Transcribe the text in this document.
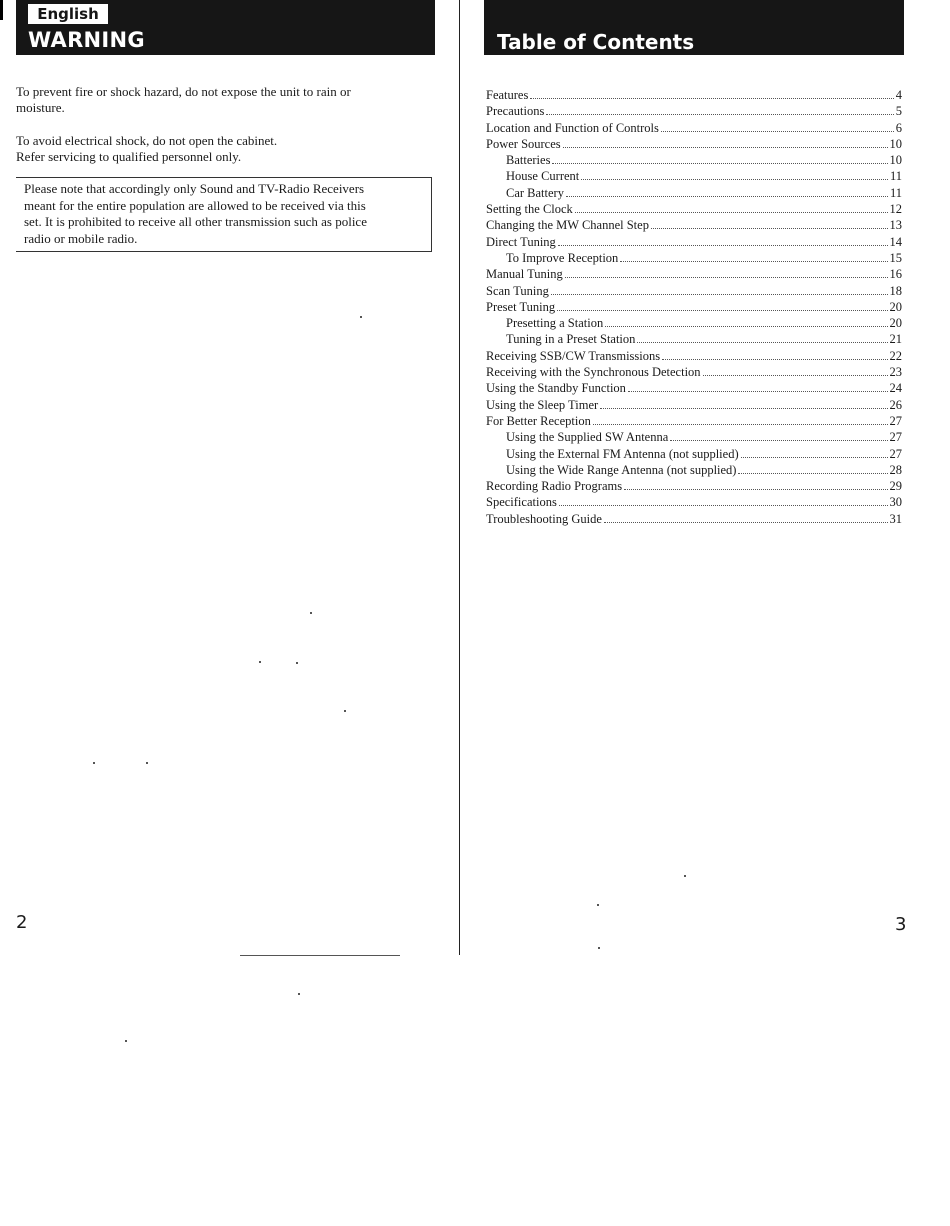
English
WARNING
To prevent fire or shock hazard, do not expose the unit to rain or
moisture.
To avoid electrical shock, do not open the cabinet.
Refer servicing to qualified personnel only.
Please note that accordingly only Sound and TV-Radio Receivers
meant for the entire population are allowed to be received via this
set. It is prohibited to receive all other transmission such as police
radio or mobile radio.
2
Table of Contents
Features	4
Precautions	5
Location and Function of Controls	6
Power Sources	10
Batteries	10
House Current	11
Car Battery	11
Setting the Clock	12
Changing the MW Channel Step	13
Direct Tuning	14
To Improve Reception	15
Manual Tuning	16
Scan Tuning	18
Preset Tuning	20
Presetting a Station	20
Tuning in a Preset Station	21
Receiving SSB/CW Transmissions	22
Receiving with the Synchronous Detection	23
Using the Standby Function	24
Using the Sleep Timer	26
For Better Reception	27
Using the Supplied SW Antenna	27
Using the External FM Antenna (not supplied)	27
Using the Wide Range Antenna (not supplied)	28
Recording Radio Programs	29
Specifications	30
Troubleshooting Guide	31
3
